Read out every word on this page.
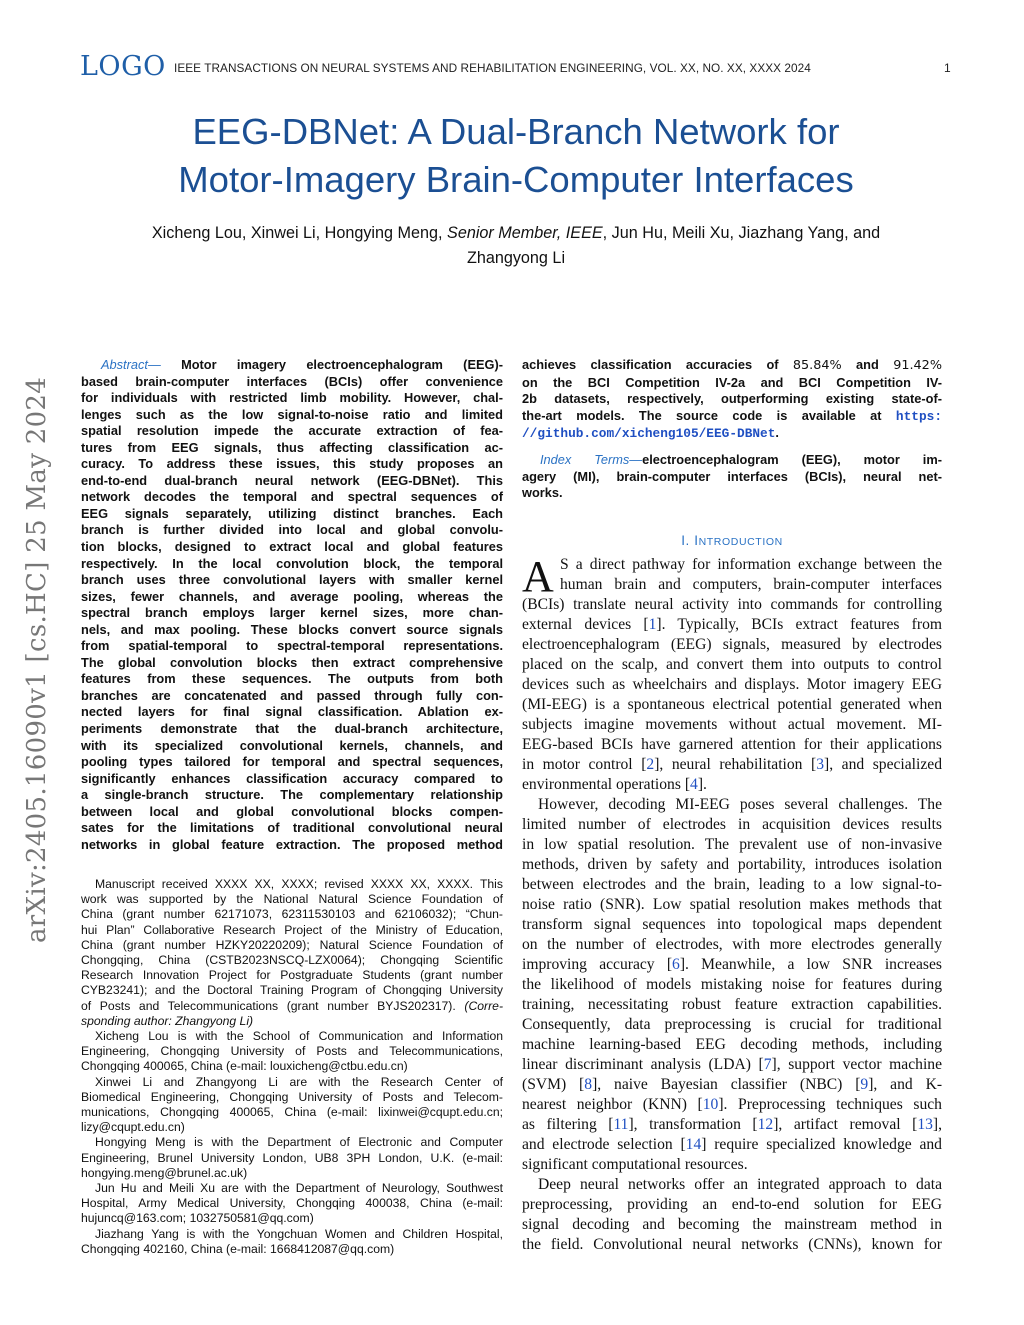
LOGO IEEE TRANSACTIONS ON NEURAL SYSTEMS AND REHABILITATION ENGINEERING, VOL. XX, NO. XX, XXXX 2024	1
EEG-DBNet: A Dual-Branch Network for
Motor-Imagery Brain-Computer Interfaces
Xicheng Lou, Xinwei Li, Hongying Meng, Senior Member, IEEE, Jun Hu, Meili Xu, Jiazhang Yang, and
Zhangyong Li
arXiv:2405.16090v1 [cs.HC] 25 May 2024
Abstract— Motor imagery electroencephalogram (EEG)-
based brain-computer interfaces (BCIs) offer convenience
for individuals with restricted limb mobility. However, chal-
lenges such as the low signal-to-noise ratio and limited
spatial resolution impede the accurate extraction of fea-
tures from EEG signals, thus affecting classification ac-
curacy. To address these issues, this study proposes an
end-to-end dual-branch neural network (EEG-DBNet). This
network decodes the temporal and spectral sequences of
EEG signals separately, utilizing distinct branches. Each
branch is further divided into local and global convolu-
tion blocks, designed to extract local and global features
respectively. In the local convolution block, the temporal
branch uses three convolutional layers with smaller kernel
sizes, fewer channels, and average pooling, whereas the
spectral branch employs larger kernel sizes, more chan-
nels, and max pooling. These blocks convert source signals
from spatial-temporal to spectral-temporal representations.
The global convolution blocks then extract comprehensive
features from these sequences. The outputs from both
branches are concatenated and passed through fully con-
nected layers for final signal classification. Ablation ex-
periments demonstrate that the dual-branch architecture,
with its specialized convolutional kernels, channels, and
pooling types tailored for temporal and spectral sequences,
significantly enhances classification accuracy compared to
a single-branch structure. The complementary relationship
between local and global convolutional blocks compen-
sates for the limitations of traditional convolutional neural
networks in global feature extraction. The proposed method
achieves classification accuracies of 85.84% and 91.42%
on the BCI Competition IV-2a and BCI Competition IV-
2b datasets, respectively, outperforming existing state-of-
the-art models. The source code is available at https:
//github.com/xicheng105/EEG-DBNet.
Index Terms—electroencephalogram (EEG), motor im-
agery (MI), brain-computer interfaces (BCIs), neural net-
works.
I. INTRODUCTION
A S a direct pathway for information exchange between the
human brain and computers, brain-computer interfaces
(BCIs) translate neural activity into commands for controlling
external devices [1]. Typically, BCIs extract features from
electroencephalogram (EEG) signals, measured by electrodes
placed on the scalp, and convert them into outputs to control
devices such as wheelchairs and displays. Motor imagery EEG
(MI-EEG) is a spontaneous electrical potential generated when
subjects imagine movements without actual movement. MI-
EEG-based BCIs have garnered attention for their applications
in motor control [2], neural rehabilitation [3], and specialized
environmental operations [4].
However, decoding MI-EEG poses several challenges. The
limited number of electrodes in acquisition devices results
in low spatial resolution. The prevalent use of non-invasive
methods, driven by safety and portability, introduces isolation
between electrodes and the brain, leading to a low signal-to-
noise ratio (SNR). Low spatial resolution makes methods that
transform signal sequences into topological maps dependent
on the number of electrodes, with more electrodes generally
improving accuracy [6]. Meanwhile, a low SNR increases
the likelihood of models mistaking noise for features during
training, necessitating robust feature extraction capabilities.
Consequently, data preprocessing is crucial for traditional
machine learning-based EEG decoding methods, including
linear discriminant analysis (LDA) [7], support vector machine
(SVM) [8], naive Bayesian classifier (NBC) [9], and K-
nearest neighbor (KNN) [10]. Preprocessing techniques such
as filtering [11], transformation [12], artifact removal [13],
and electrode selection [14] require specialized knowledge and
significant computational resources.
Deep neural networks offer an integrated approach to data
preprocessing, providing an end-to-end solution for EEG
signal decoding and becoming the mainstream method in
the field. Convolutional neural networks (CNNs), known for
Manuscript received XXXX XX, XXXX; revised XXXX XX, XXXX. This
work was supported by the National Natural Science Foundation of
China (grant number 62171073, 62311530103 and 62106032); “Chun-
hui Plan” Collaborative Research Project of the Ministry of Education,
China (grant number HZKY20220209); Natural Science Foundation of
Chongqing, China (CSTB2023NSCQ-LZX0064); Chongqing Scientific
Research Innovation Project for Postgraduate Students (grant number
CYB23241); and the Doctoral Training Program of Chongqing University
of Posts and Telecommunications (grant number BYJS202317). (Corre-
sponding author: Zhangyong Li)
Xicheng Lou is with the School of Communication and Information
Engineering, Chongqing University of Posts and Telecommunications,
Chongqing 400065, China (e-mail: louxicheng@ctbu.edu.cn)
Xinwei Li and Zhangyong Li are with the Research Center of
Biomedical Engineering, Chongqing University of Posts and Telecom-
munications, Chongqing 400065, China (e-mail: lixinwei@cqupt.edu.cn;
lizy@cqupt.edu.cn)
Hongying Meng is with the Department of Electronic and Computer
Engineering, Brunel University London, UB8 3PH London, U.K. (e-mail:
hongying.meng@brunel.ac.uk)
Jun Hu and Meili Xu are with the Department of Neurology, Southwest
Hospital, Army Medical University, Chongqing 400038, China (e-mail:
hujuncq@163.com; 1032750581@qq.com)
Jiazhang Yang is with the Yongchuan Women and Children Hospital,
Chongqing 402160, China (e-mail: 1668412087@qq.com)
